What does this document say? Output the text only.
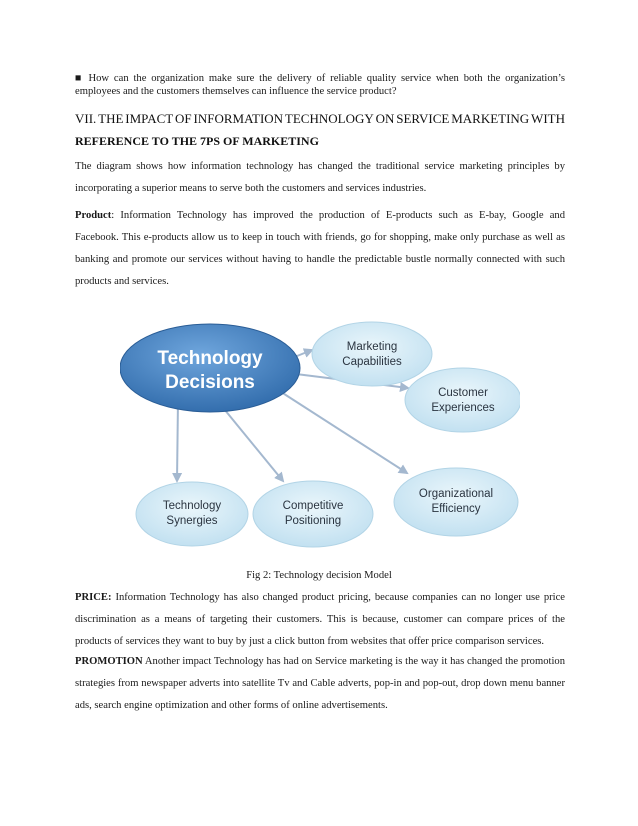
■ How can the organization make sure the delivery of reliable quality service when both the organization’s employees and the customers themselves can influence the service product?

VII. THE IMPACT OF INFORMATION TECHNOLOGY ON SERVICE MARKETING WITH
REFERENCE TO THE 7PS OF MARKETING

The diagram shows how information technology has changed the traditional service marketing principles by incorporating a superior means to serve both the customers and services industries.

Product: Information Technology has improved the production of E-products such as E-bay, Google and Facebook. This e-products allow us to keep in touch with friends, go for shopping, make only purchase as well as banking and promote our services without having to handle the predictable bustle normally connected with such products and services.

Technology
Decisions
Marketing
Capabilities
Customer
Experiences
Technology
Synergies
Competitive
Positioning
Organizational
Efficiency

Fig 2: Technology decision Model

PRICE: Information Technology has also changed product pricing, because companies can no longer use price discrimination as a means of targeting their customers. This is because, customer can compare prices of the products of services they want to buy by just a click button from websites that offer price comparison services.

PROMOTION Another impact Technology has had on Service marketing is the way it has changed the promotion strategies from newspaper adverts into satellite Tv and Cable adverts, pop-in and pop-out, drop down menu banner ads, search engine optimization and other forms of online advertisements.
